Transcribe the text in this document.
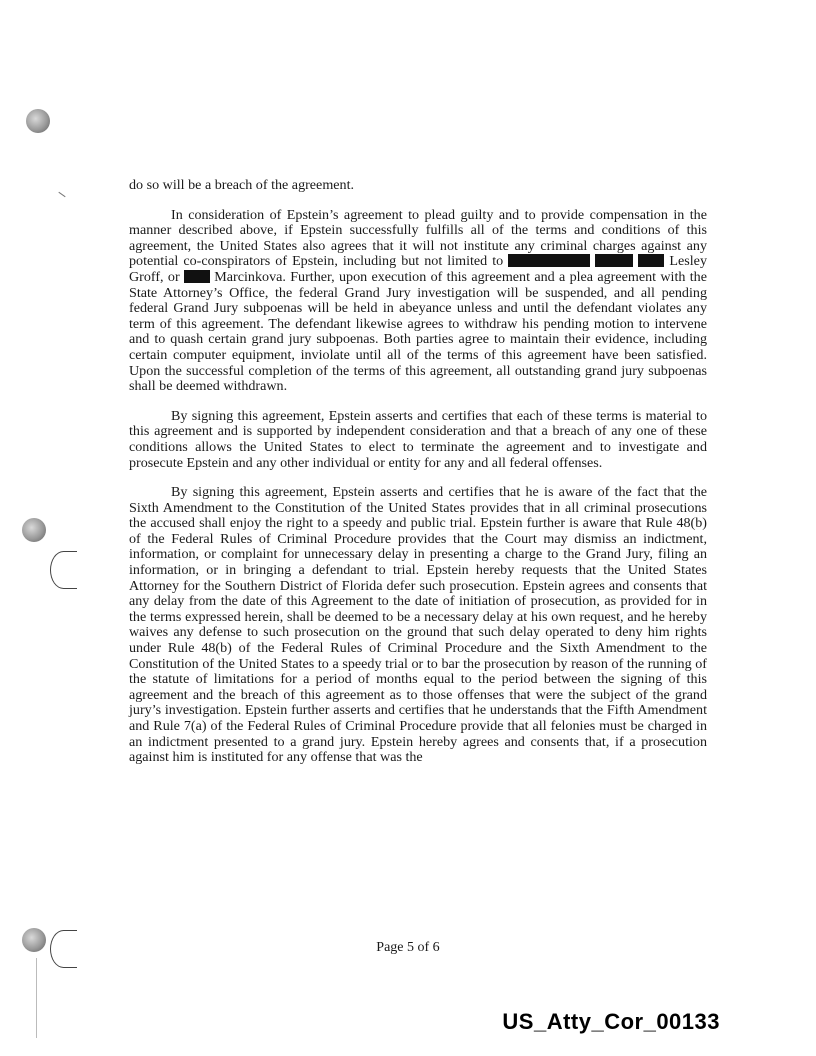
do so will be a breach of the agreement.

In consideration of Epstein’s agreement to plead guilty and to provide compensation in the manner described above, if Epstein successfully fulfills all of the terms and conditions of this agreement, the United States also agrees that it will not institute any criminal charges against any potential co-conspirators of Epstein, including but not limited to	Lesley Groff, or  Marcinkova. Further, upon execution of this agreement and a plea agreement with the State Attorney’s Office, the federal Grand Jury investigation will be suspended, and all pending federal Grand Jury subpoenas will be held in abeyance unless and until the defendant violates any term of this agreement. The defendant likewise agrees to withdraw his pending motion to intervene and to quash certain grand jury subpoenas. Both parties agree to maintain their evidence, including certain computer equipment, inviolate until all of the terms of this agreement have been satisfied. Upon the successful completion of the terms of this agreement, all outstanding grand jury subpoenas shall be deemed withdrawn.

By signing this agreement, Epstein asserts and certifies that each of these terms is material to this agreement and is supported by independent consideration and that a breach of any one of these conditions allows the United States to elect to terminate the agreement and to investigate and prosecute Epstein and any other individual or entity for any and all federal offenses.

By signing this agreement, Epstein asserts and certifies that he is aware of the fact that the Sixth Amendment to the Constitution of the United States provides that in all criminal prosecutions the accused shall enjoy the right to a speedy and public trial. Epstein further is aware that Rule 48(b) of the Federal Rules of Criminal Procedure provides that the Court may dismiss an indictment, information, or complaint for unnecessary delay in presenting a charge to the Grand Jury, filing an information, or in bringing a defendant to trial. Epstein hereby requests that the United States Attorney for the Southern District of Florida defer such prosecution. Epstein agrees and consents that any delay from the date of this Agreement to the date of initiation of prosecution, as provided for in the terms expressed herein, shall be deemed to be a necessary delay at his own request, and he hereby waives any defense to such prosecution on the ground that such delay operated to deny him rights under Rule 48(b) of the Federal Rules of Criminal Procedure and the Sixth Amendment to the Constitution of the United States to a speedy trial or to bar the prosecution by reason of the running of the statute of limitations for a period of months equal to the period between the signing of this agreement and the breach of this agreement as to those offenses that were the subject of the grand jury’s investigation. Epstein further asserts and certifies that he understands that the Fifth Amendment and Rule 7(a) of the Federal Rules of Criminal Procedure provide that all felonies must be charged in an indictment presented to a grand jury. Epstein hereby agrees and consents that, if a prosecution against him is instituted for any offense that was the

Page 5 of 6
US_Atty_Cor_00133
